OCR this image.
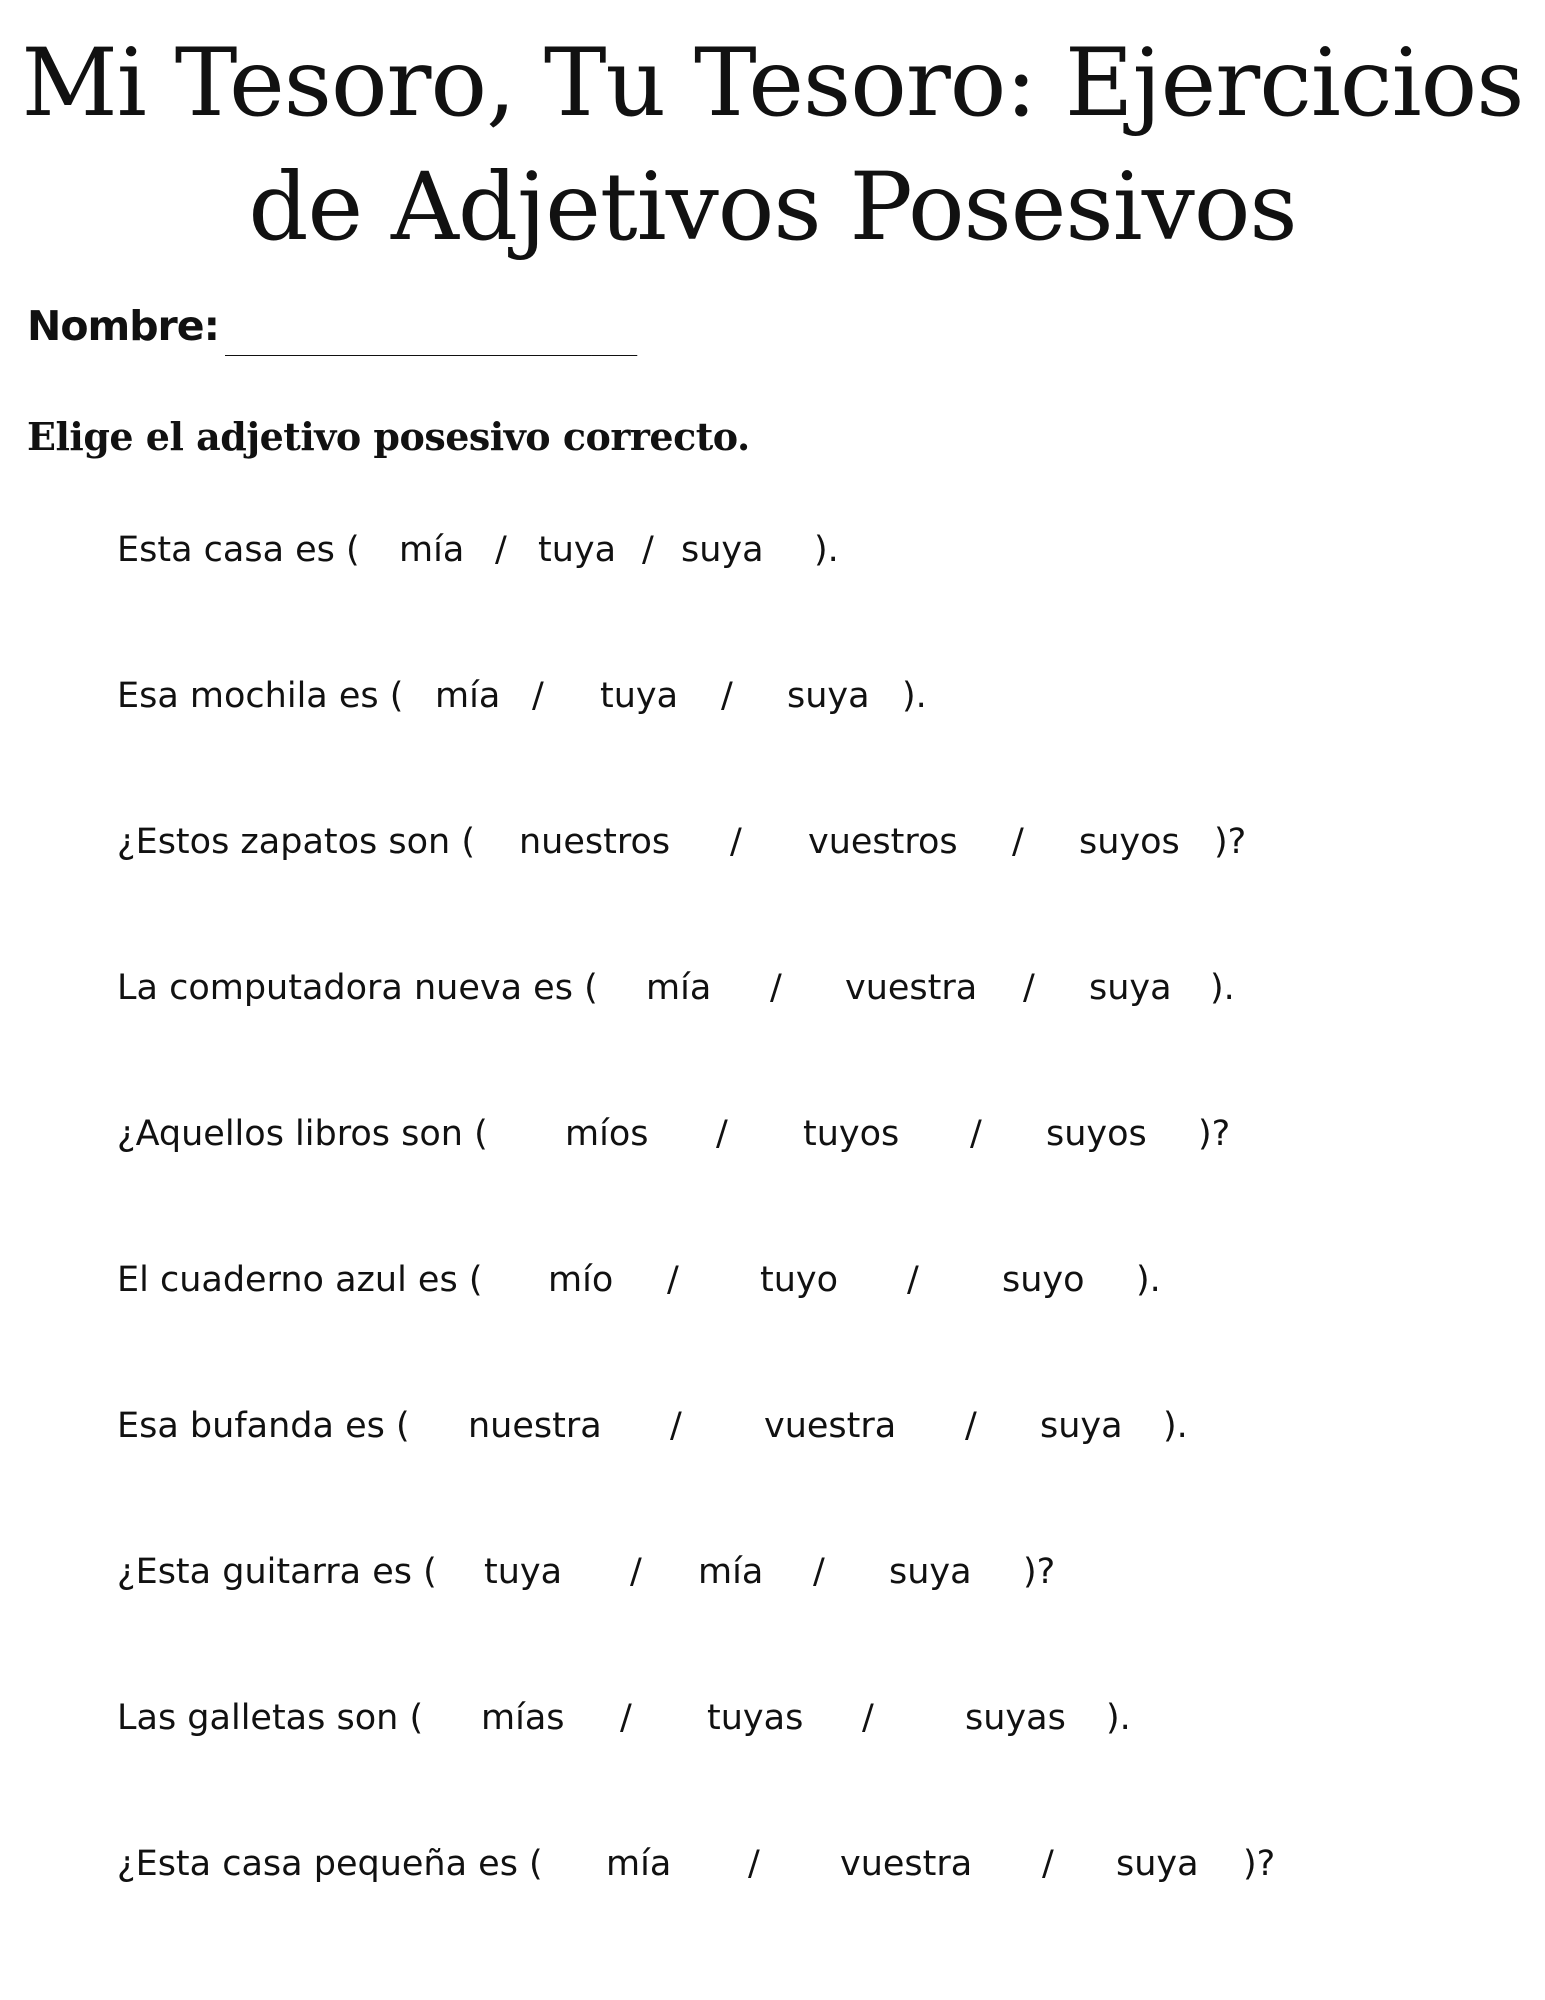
Mi Tesoro, Tu Tesoro: Ejercicios de Adjetivos Posesivos
Nombre: ___________________________

Elige el adjetivo posesivo correcto.

Esta casa es ( mía / tuya / suya ).
Esa mochila es ( mía / tuya / suya ).
¿Estos zapatos son ( nuestros / vuestros / suyos )?
La computadora nueva es ( mía / vuestra / suya ).
¿Aquellos libros son ( míos / tuyos / suyos )?
El cuaderno azul es ( mío / tuyo / suyo ).
Esa bufanda es ( nuestra / vuestra / suya ).
¿Esta guitarra es ( tuya / mía / suya )?
Las galletas son ( mías / tuyas /	suyas ).
¿Esta casa pequeña es ( mía / vuestra / suya )?
